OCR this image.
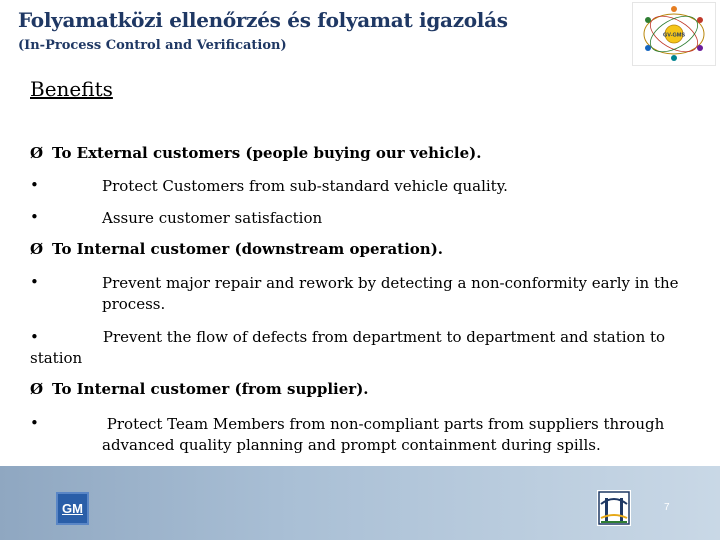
Folyamatközi ellenőrzés és folyamat igazolás
(In-Process Control and Verification)
GV-GMS
Benefits
Ø To External customers (people buying our vehicle).
•	Protect Customers from sub-standard vehicle quality.
•	Assure customer satisfaction
Ø To Internal customer (downstream operation).
•	Prevent major repair and rework by detecting a non-conformity early in the process.
•	Prevent the flow of defects from department to department and station to station
Ø To Internal customer (from supplier).
•	Protect Team Members from non-compliant parts from suppliers through advanced quality planning and prompt containment during spills.
GM	7
